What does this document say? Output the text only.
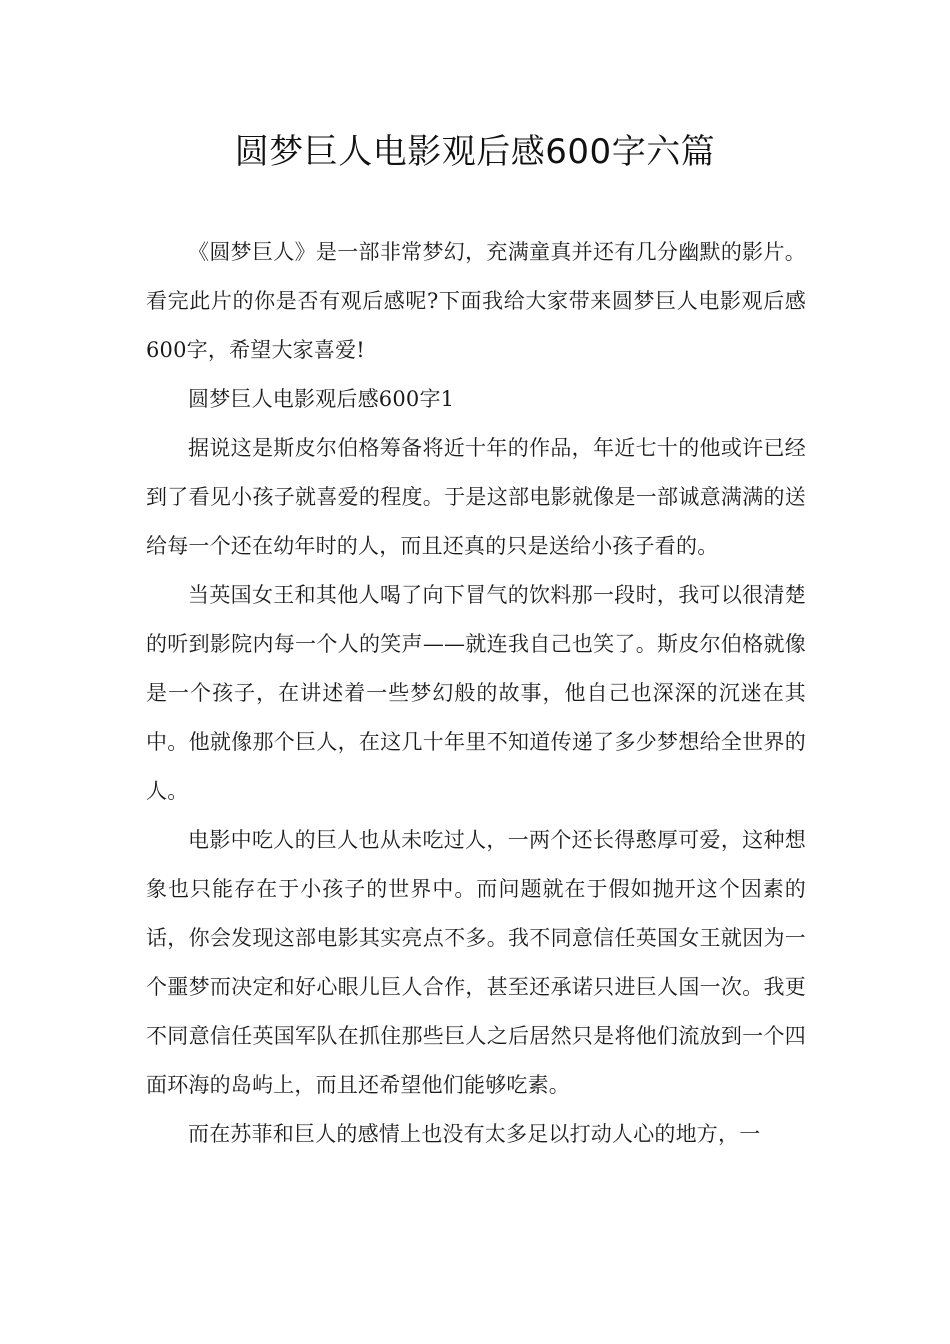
圆梦巨人电影观后感600字六篇

《圆梦巨人》是一部非常梦幻，充满童真并还有几分幽默的影片。看完此片的你是否有观后感呢?下面我给大家带来圆梦巨人电影观后感600字，希望大家喜爱!

圆梦巨人电影观后感600字1

据说这是斯皮尔伯格筹备将近十年的作品，年近七十的他或许已经到了看见小孩子就喜爱的程度。于是这部电影就像是一部诚意满满的送给每一个还在幼年时的人，而且还真的只是送给小孩子看的。

当英国女王和其他人喝了向下冒气的饮料那一段时，我可以很清楚的听到影院内每一个人的笑声——就连我自己也笑了。斯皮尔伯格就像是一个孩子，在讲述着一些梦幻般的故事，他自己也深深的沉迷在其中。他就像那个巨人，在这几十年里不知道传递了多少梦想给全世界的人。

电影中吃人的巨人也从未吃过人，一两个还长得憨厚可爱，这种想象也只能存在于小孩子的世界中。而问题就在于假如抛开这个因素的话，你会发现这部电影其实亮点不多。我不同意信任英国女王就因为一个噩梦而决定和好心眼儿巨人合作，甚至还承诺只进巨人国一次。我更不同意信任英国军队在抓住那些巨人之后居然只是将他们流放到一个四面环海的岛屿上，而且还希望他们能够吃素。

而在苏菲和巨人的感情上也没有太多足以打动人心的地方，一
